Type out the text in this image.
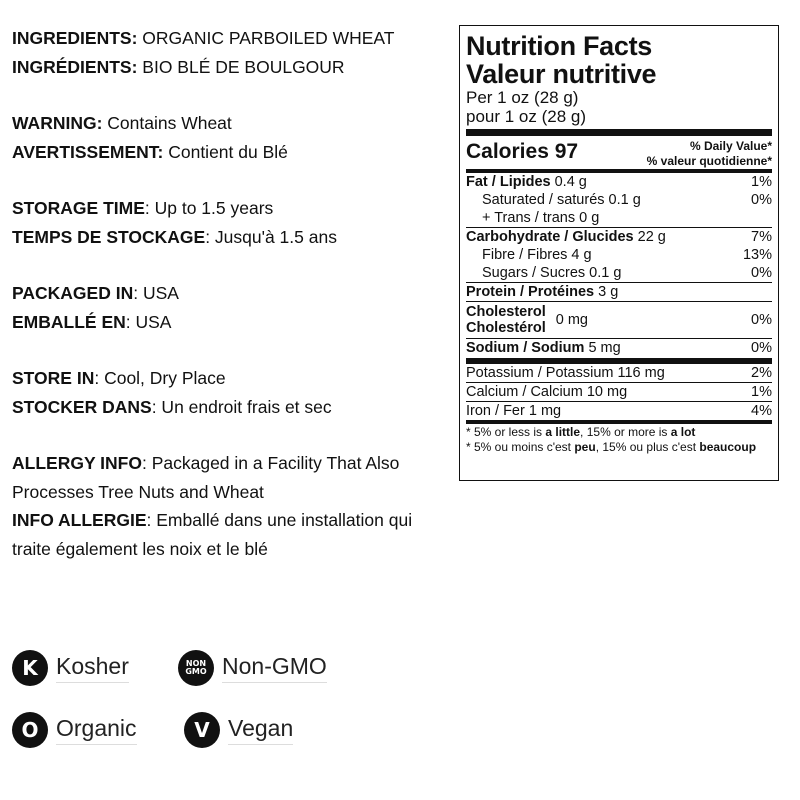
INGREDIENTS: ORGANIC PARBOILED WHEAT

INGRÉDIENTS: BIO BLÉ DE BOULGOUR

WARNING: Contains Wheat

AVERTISSEMENT: Contient du Blé

STORAGE TIME: Up to 1.5 years

TEMPS DE STOCKAGE: Jusqu'à 1.5 ans

PACKAGED IN: USA

EMBALLÉ EN: USA

STORE IN: Cool, Dry Place

STOCKER DANS: Un endroit frais et sec

ALLERGY INFO: Packaged in a Facility That Also Processes Tree Nuts and Wheat

INFO ALLERGIE: Emballé dans une installation qui traite également les noix et le blé

Nutrition Facts
Valeur nutritive
Per 1 oz (28 g)
pour 1 oz (28 g)
Calories 97	% Daily Value*
% valeur quotidienne*
Fat / Lipides 0.4 g	1%
Saturated / saturés 0.1 g	0%
+ Trans / trans 0 g
Carbohydrate / Glucides 22 g	7%
Fibre / Fibres 4 g	13%
Sugars / Sucres 0.1 g	0%
Protein / Protéines 3 g
Cholesterol
Cholestérol 0 mg	0%
Sodium / Sodium 5 mg	0%
Potassium / Potassium 116 mg	2%
Calcium / Calcium 10 mg	1%
Iron / Fer 1 mg	4%
* 5% or less is a little, 15% or more is a lot
* 5% ou moins c'est peu, 15% ou plus c'est beaucoup
K Kosher	NON
GMO Non-GMO
O Organic	V Vegan
